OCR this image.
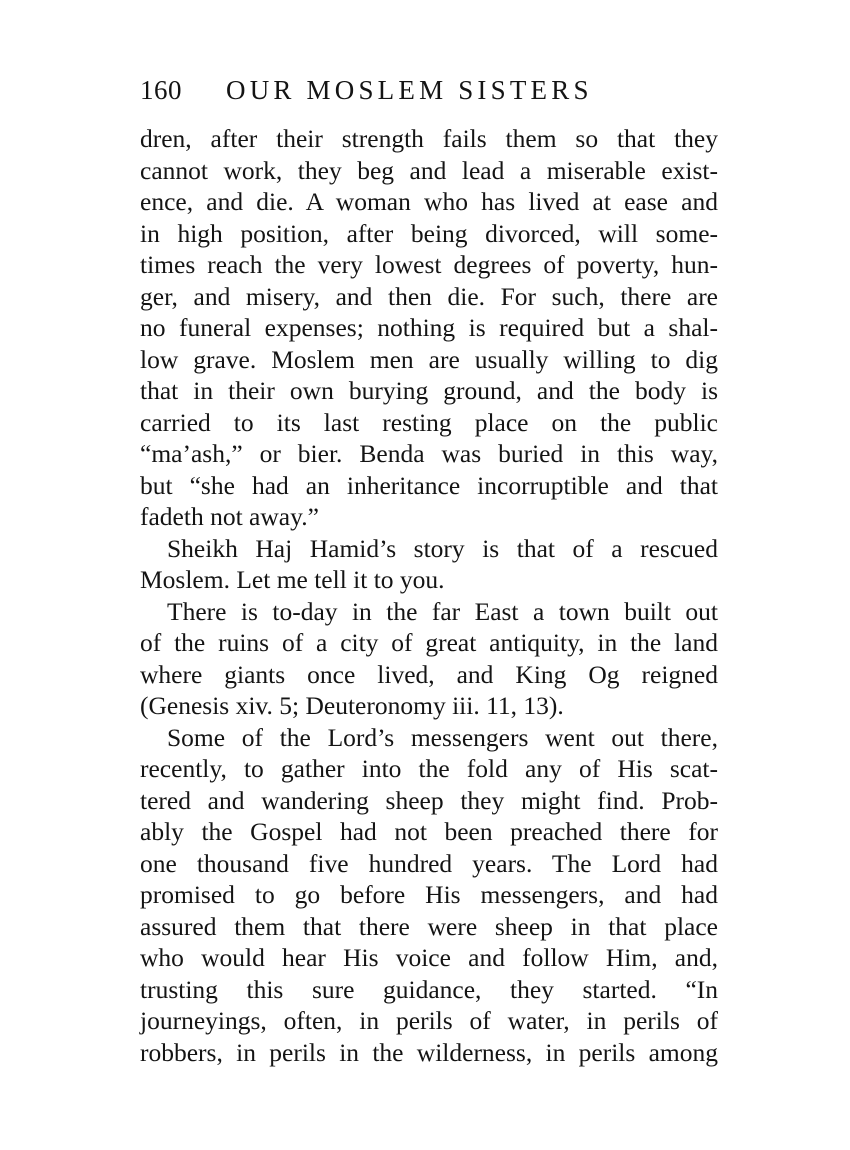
160 OUR MOSLEM SISTERS
dren, after their strength fails them so that they
cannot work, they beg and lead a miserable exist-
ence, and die. A woman who has lived at ease and
in high position, after being divorced, will some-
times reach the very lowest degrees of poverty, hun-
ger, and misery, and then die. For such, there are
no funeral expenses; nothing is required but a shal-
low grave. Moslem men are usually willing to dig
that in their own burying ground, and the body is
carried to its last resting place on the public
“ma’ash,” or bier. Benda was buried in this way,
but “she had an inheritance incorruptible and that
fadeth not away.”
Sheikh Haj Hamid’s story is that of a rescued
Moslem. Let me tell it to you.
There is to-day in the far East a town built out
of the ruins of a city of great antiquity, in the land
where giants once lived, and King Og reigned
(Genesis xiv. 5; Deuteronomy iii. 11, 13).
Some of the Lord’s messengers went out there,
recently, to gather into the fold any of His scat-
tered and wandering sheep they might find. Prob-
ably the Gospel had not been preached there for
one thousand five hundred years. The Lord had
promised to go before His messengers, and had
assured them that there were sheep in that place
who would hear His voice and follow Him, and,
trusting this sure guidance, they started. “In
journeyings, often, in perils of water, in perils of
robbers, in perils in the wilderness, in perils among
